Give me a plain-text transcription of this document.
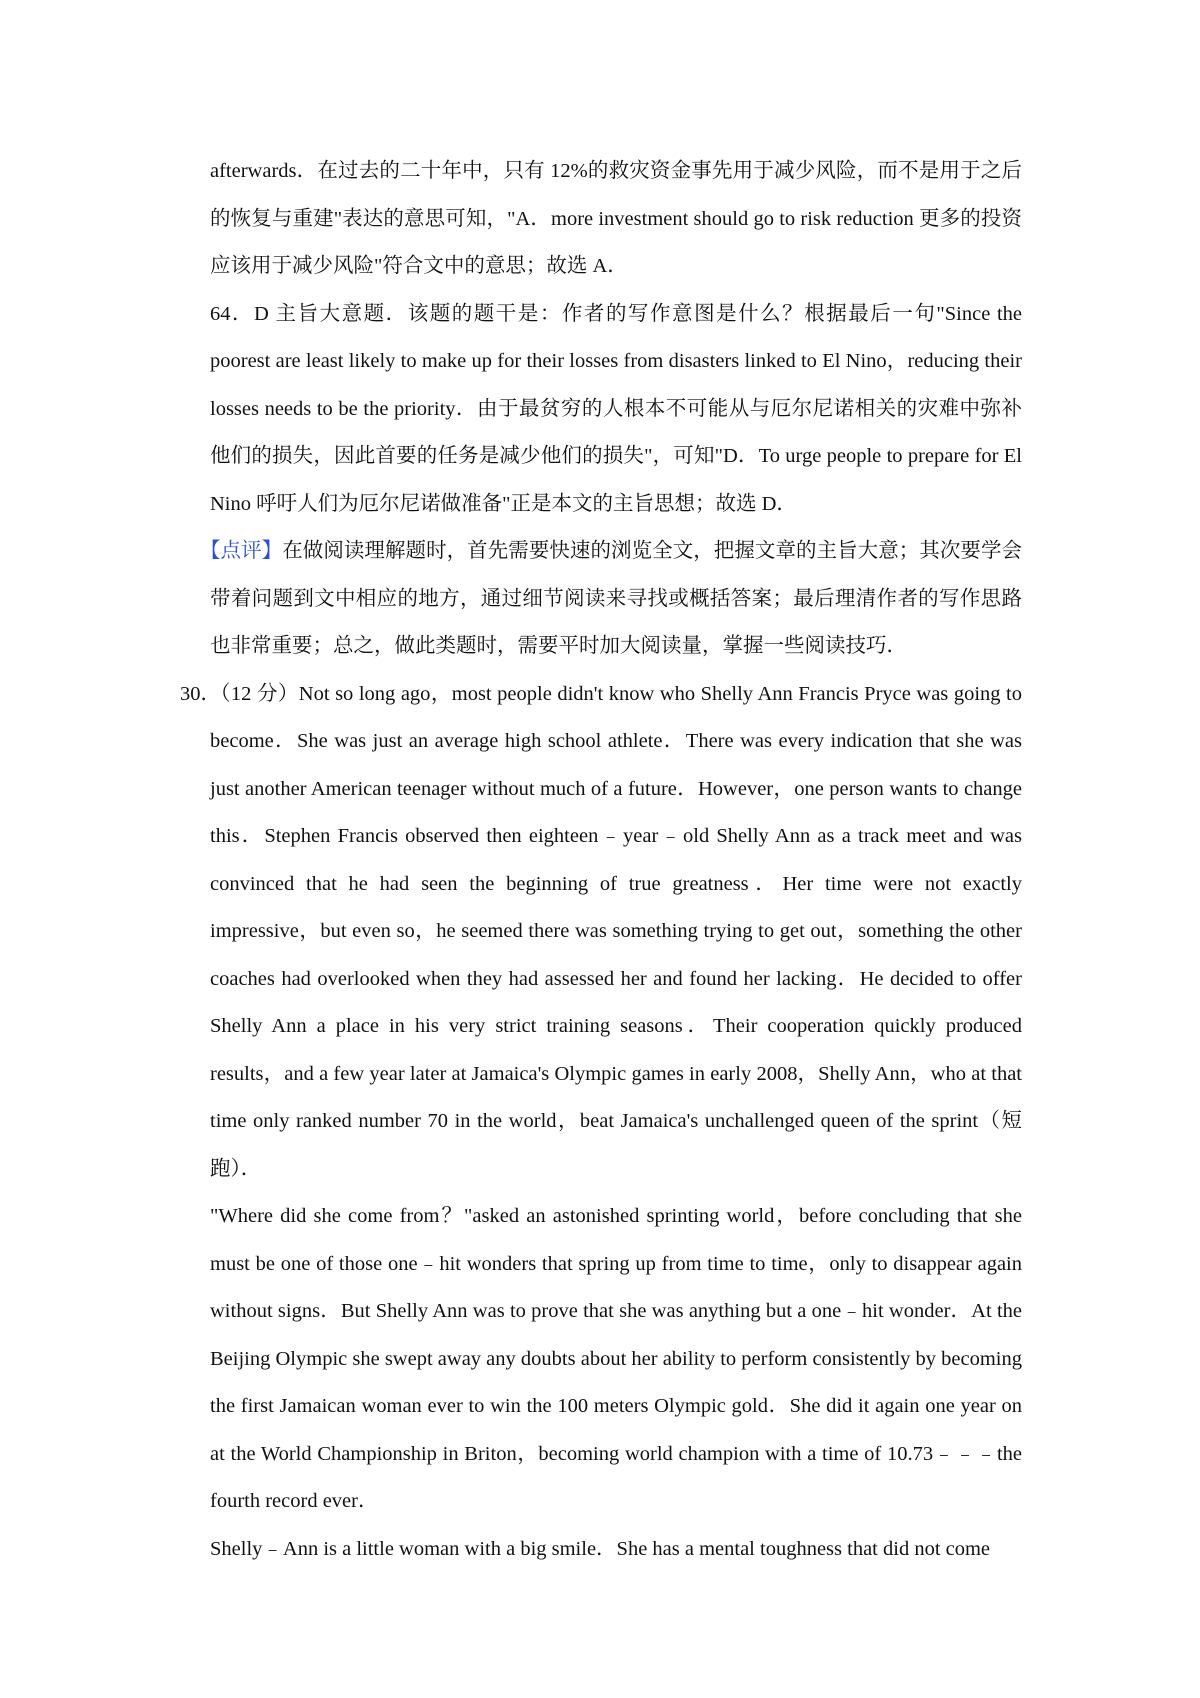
afterwards．在过去的二十年中，只有 12%的救灾资金事先用于减少风险，而不是用于之后的恢复与重建"表达的意思可知，"A．more investment should go to risk reduction 更多的投资应该用于减少风险"符合文中的意思；故选 A．

64．D 主旨大意题．该题的题干是：作者的写作意图是什么？根据最后一句"Since the poorest are least likely to make up for their losses from disasters linked to El Nino，reducing their losses needs to be the priority．由于最贫穷的人根本不可能从与厄尔尼诺相关的灾难中弥补他们的损失，因此首要的任务是减少他们的损失"，可知"D．To urge people to prepare for El Nino 呼吁人们为厄尔尼诺做准备"正是本文的主旨思想；故选 D．

【点评】在做阅读理解题时，首先需要快速的浏览全文，把握文章的主旨大意；其次要学会带着问题到文中相应的地方，通过细节阅读来寻找或概括答案；最后理清作者的写作思路也非常重要；总之，做此类题时，需要平时加大阅读量，掌握一些阅读技巧．

30．
（12 分）Not so long ago，most people didn't know who Shelly Ann Francis Pryce was going to become．She was just an average high school athlete．There was every indication that she was just another American teenager without much of a future．However，one person wants to change this．Stephen Francis observed then eighteen﹣year﹣old Shelly Ann as a track meet and was convinced that he had seen the beginning of true greatness．Her time were not exactly impressive，but even so，he seemed there was something trying to get out，something the other coaches had overlooked when they had assessed her and found her lacking．He decided to offer Shelly Ann a place in his very strict training seasons．Their cooperation quickly produced results，and a few year later at Jamaica's Olympic games in early 2008，Shelly Ann，who at that time only ranked number 70 in the world，beat Jamaica's unchallenged queen of the sprint（短跑）．

"Where did she come from？"asked an astonished sprinting world，before concluding that she must be one of those one﹣hit wonders that spring up from time to time，only to disappear again without signs．But Shelly Ann was to prove that she was anything but a one﹣hit wonder．At the Beijing Olympic she swept away any doubts about her ability to perform consistently by becoming the first Jamaican woman ever to win the 100 meters Olympic gold．She did it again one year on at the World Championship in Briton，becoming world champion with a time of 10.73﹣﹣﹣the fourth record ever．

Shelly﹣Ann is a little woman with a big smile．She has a mental toughness that did not come
